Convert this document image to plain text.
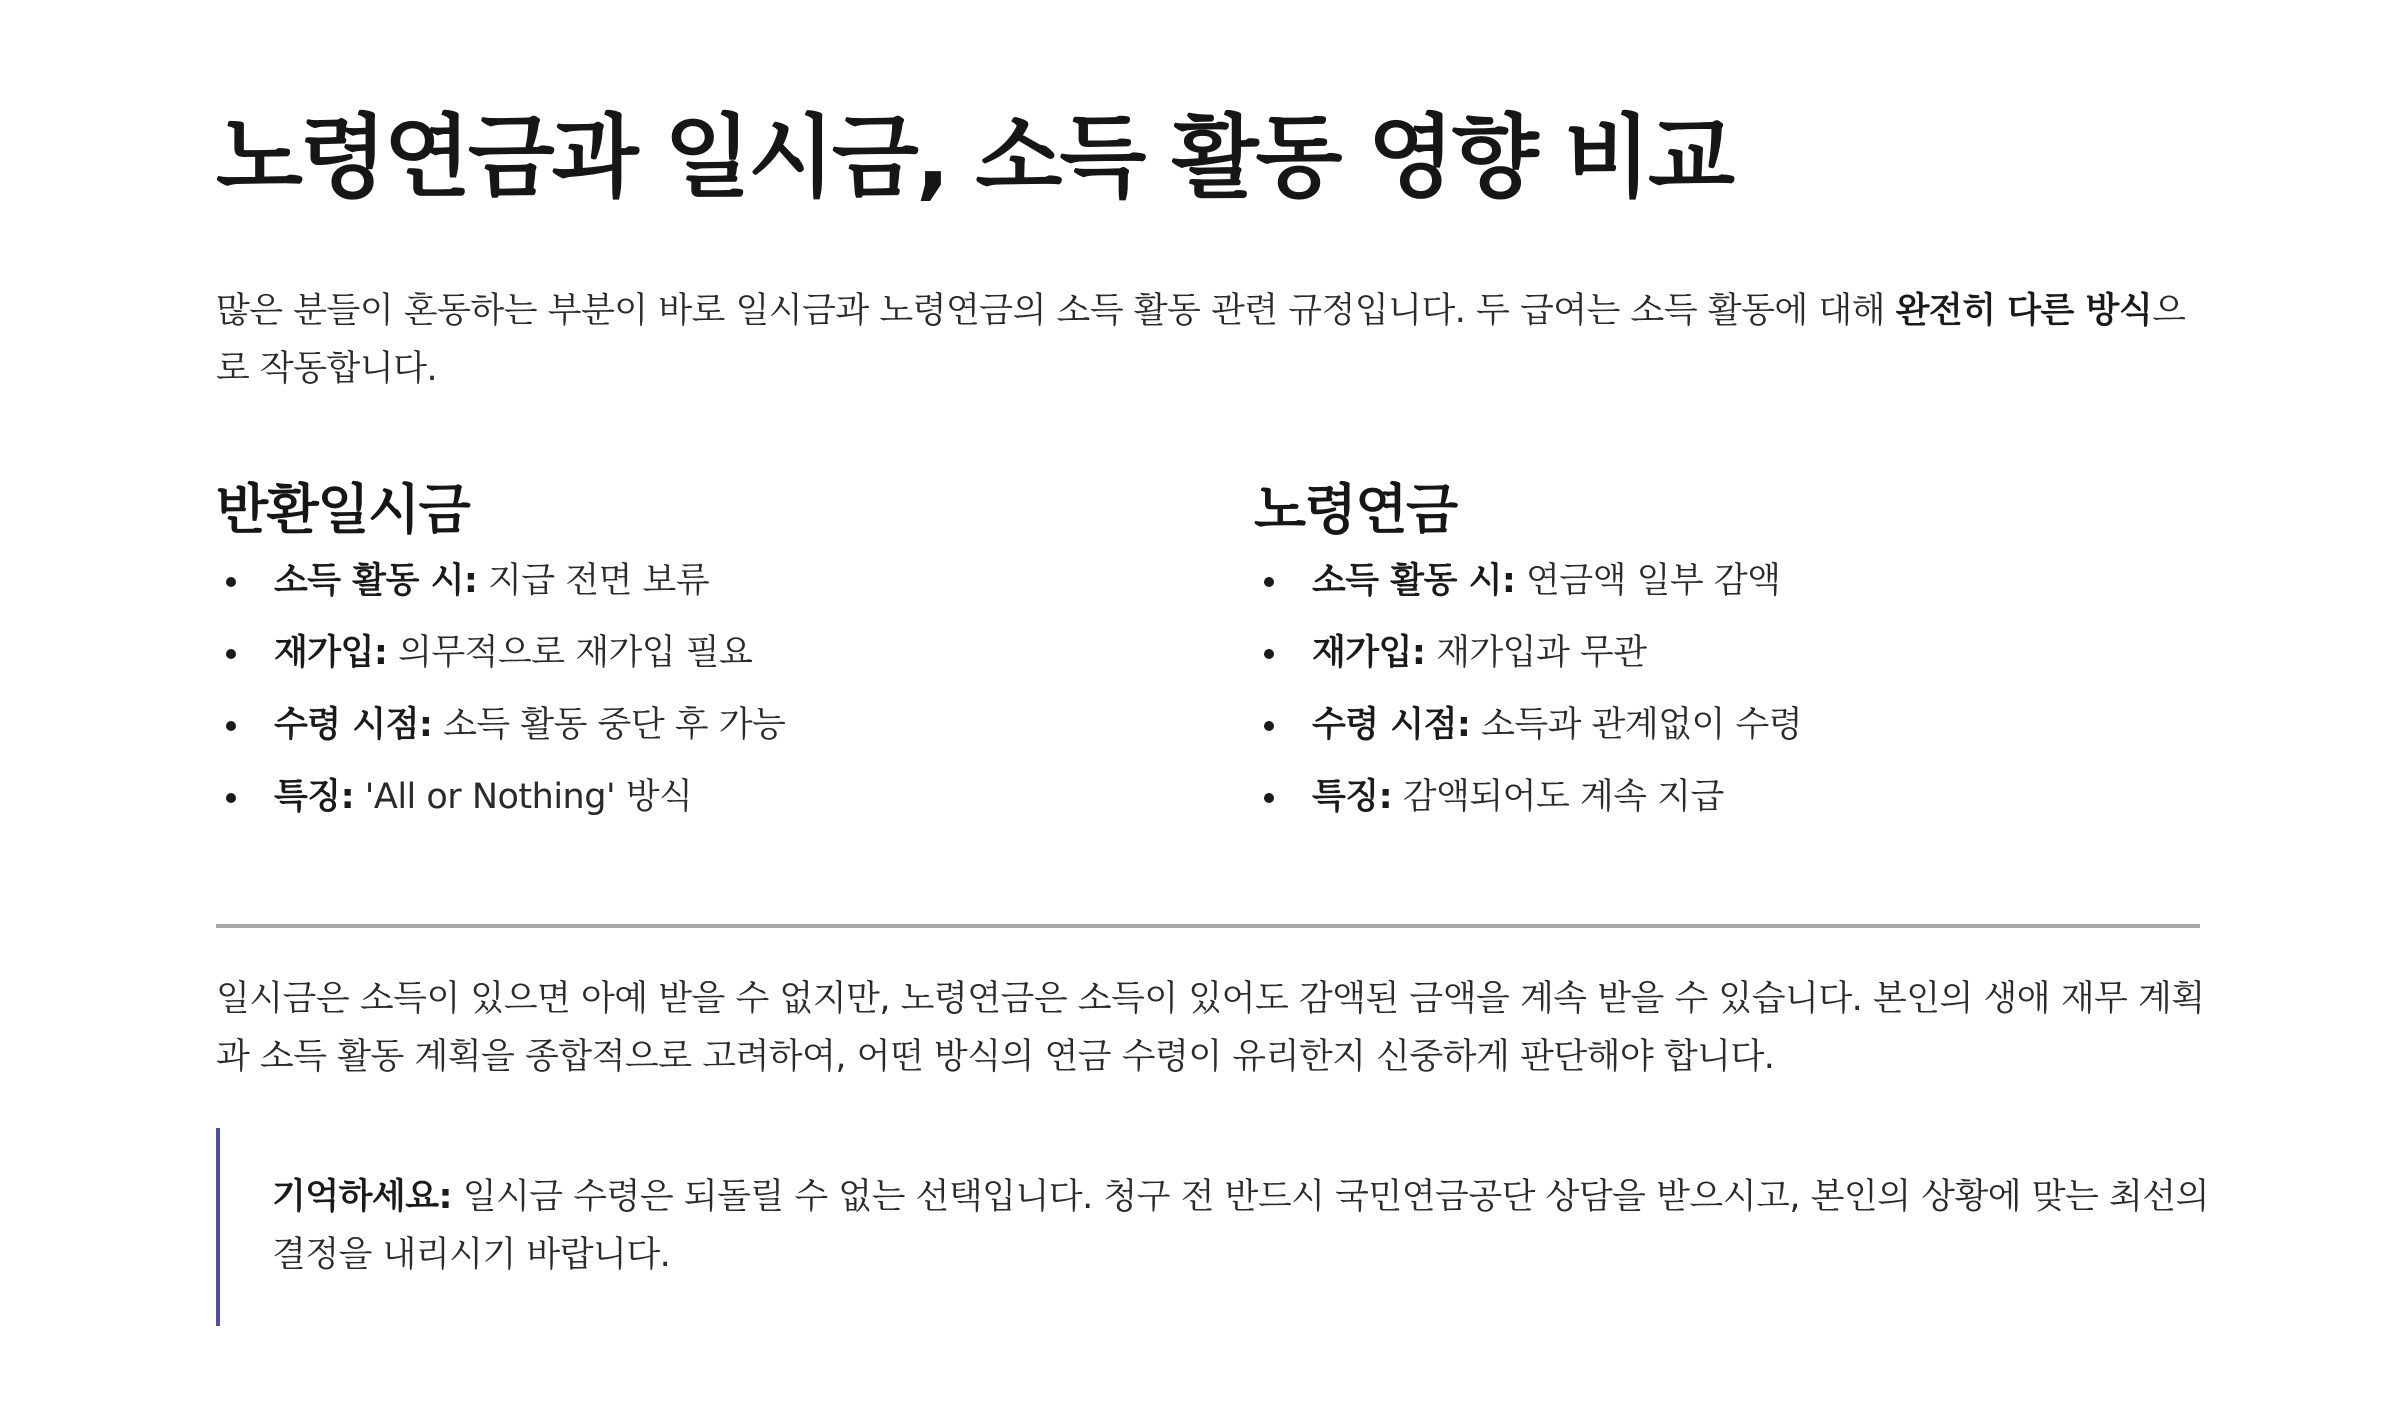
노령연금과 일시금, 소득 활동 영향 비교

많은 분들이 혼동하는 부분이 바로 일시금과 노령연금의 소득 활동 관련 규정입니다. 두 급여는 소득 활동에 대해 완전히 다른 방식으로 작동합니다.

반환일시금
소득 활동 시: 지급 전면 보류
재가입: 의무적으로 재가입 필요
수령 시점: 소득 활동 중단 후 가능
특징: 'All or Nothing' 방식
노령연금
소득 활동 시: 연금액 일부 감액
재가입: 재가입과 무관
수령 시점: 소득과 관계없이 수령
특징: 감액되어도 계속 지급

일시금은 소득이 있으면 아예 받을 수 없지만, 노령연금은 소득이 있어도 감액된 금액을 계속 받을 수 있습니다. 본인의 생애 재무 계획과 소득 활동 계획을 종합적으로 고려하여, 어떤 방식의 연금 수령이 유리한지 신중하게 판단해야 합니다.

기억하세요: 일시금 수령은 되돌릴 수 없는 선택입니다. 청구 전 반드시 국민연금공단 상담을 받으시고, 본인의 상황에 맞는 최선의 결정을 내리시기 바랍니다.
